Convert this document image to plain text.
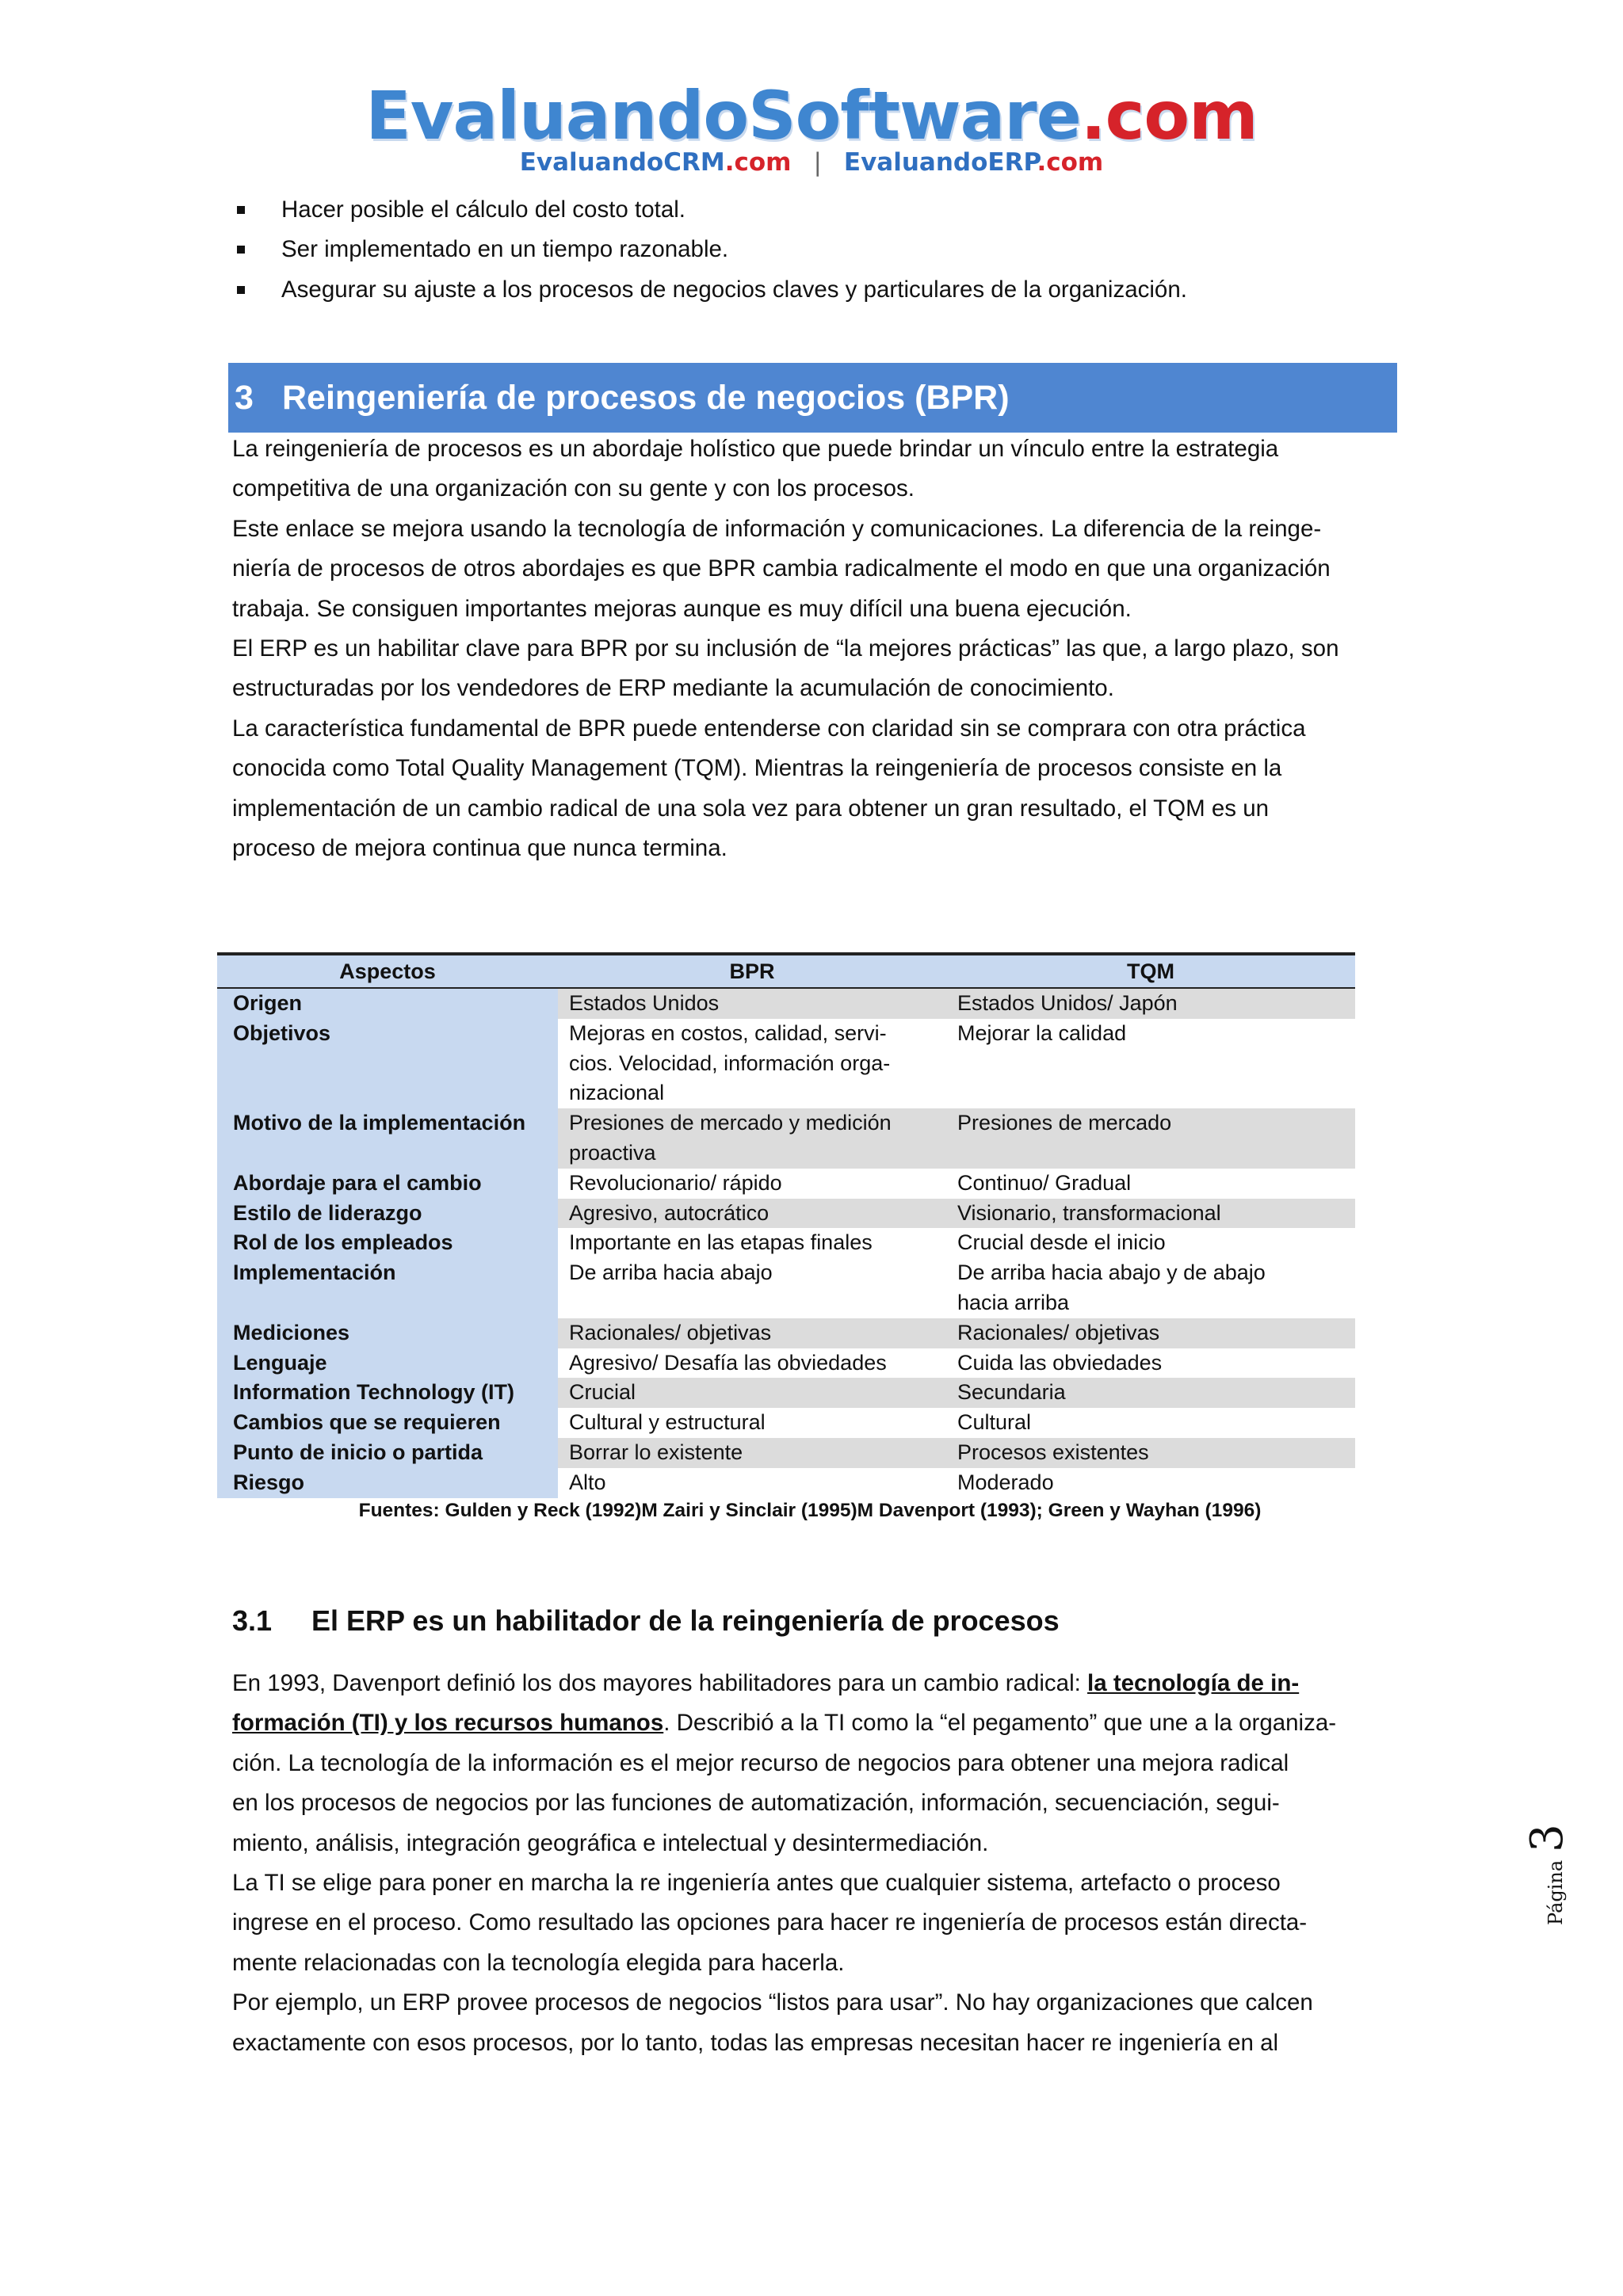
EvaluandoSoftware.com
EvaluandoCRM.com | EvaluandoERP.com
Hacer posible el cálculo del costo total.
Ser implementado en un tiempo razonable.
Asegurar su ajuste a los procesos de negocios claves y particulares de la organización.
3 Reingeniería de procesos de negocios (BPR)
La reingeniería de procesos es un abordaje holístico que puede brindar un vínculo entre la estrategia
competitiva de una organización con su gente y con los procesos.
Este enlace se mejora usando la tecnología de información y comunicaciones. La diferencia de la reinge-
niería de procesos de otros abordajes es que BPR cambia radicalmente el modo en que una organización
trabaja. Se consiguen importantes mejoras aunque es muy difícil una buena ejecución.
El ERP es un habilitar clave para BPR por su inclusión de “la mejores prácticas” las que, a largo plazo, son
estructuradas por los vendedores de ERP mediante la acumulación de conocimiento.
La característica fundamental de BPR puede entenderse con claridad sin se comprara con otra práctica
conocida como Total Quality Management (TQM). Mientras la reingeniería de procesos consiste en la
implementación de un cambio radical de una sola vez para obtener un gran resultado, el TQM es un
proceso de mejora continua que nunca termina.
Aspectos	BPR	TQM
Origen	Estados Unidos	Estados Unidos/ Japón

Objetivos	Mejoras en costos, calidad, servi-
cios. Velocidad, información orga-
nizacional	Mejorar la calidad

Motivo de la implementación	Presiones de mercado y medición
proactiva	Presiones de mercado

Abordaje para el cambio	Revolucionario/ rápido	Continuo/ Gradual

Estilo de liderazgo	Agresivo, autocrático	Visionario, transformacional

Rol de los empleados	Importante en las etapas finales	Crucial desde el inicio

Implementación	De arriba hacia abajo	De arriba hacia abajo y de abajo
hacia arriba

Mediciones	Racionales/ objetivas	Racionales/ objetivas

Lenguaje	Agresivo/ Desafía las obviedades	Cuida las obviedades

Information Technology (IT)	Crucial	Secundaria

Cambios que se requieren	Cultural y estructural	Cultural

Punto de inicio o partida	Borrar lo existente	Procesos existentes

Riesgo	Alto	Moderado
Fuentes: Gulden y Reck (1992)M Zairi y Sinclair (1995)M Davenport (1993); Green y Wayhan (1996)
3.1 El ERP es un habilitador de la reingeniería de procesos
En 1993, Davenport definió los dos mayores habilitadores para un cambio radical: la tecnología de in-
formación (TI) y los recursos humanos. Describió a la TI como la “el pegamento” que une a la organiza-
ción. La tecnología de la información es el mejor recurso de negocios para obtener una mejora radical
en los procesos de negocios por las funciones de automatización, información, secuenciación, segui-
miento, análisis, integración geográfica e intelectual y desintermediación.
La TI se elige para poner en marcha la re ingeniería antes que cualquier sistema, artefacto o proceso
ingrese en el proceso. Como resultado las opciones para hacer re ingeniería de procesos están directa-
mente relacionadas con la tecnología elegida para hacerla.
Por ejemplo, un ERP provee procesos de negocios “listos para usar”. No hay organizaciones que calcen
exactamente con esos procesos, por lo tanto, todas las empresas necesitan hacer re ingeniería en al
Página3
